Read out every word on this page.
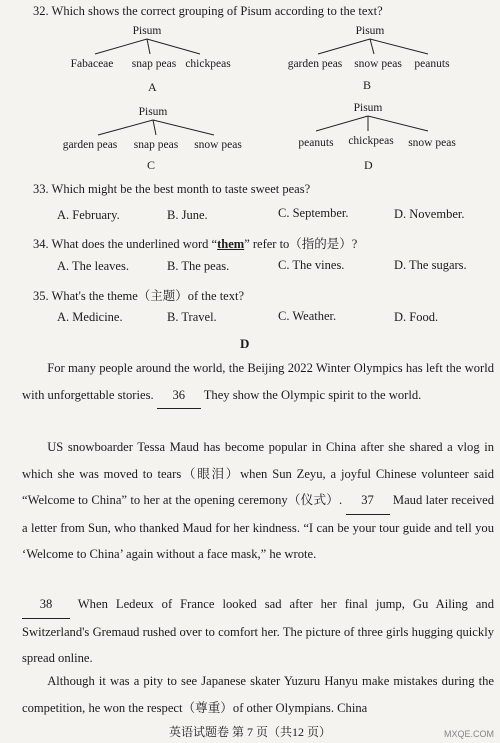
32. Which shows the correct grouping of Pisum according to the text?
Pisum
Fabaceae snap peas chickpeas
A
Pisum
garden peas snow peas peanuts
B
Pisum
garden peas snap peas snow peas
C
Pisum
peanuts chickpeas snow peas
D
33. Which might be the best month to taste sweet peas?
A. February.	B. June.	C. September.	D. November.
34. What does the underlined word “them” refer to（指的是）?
A. The leaves.	B. The peas.	C. The vines.	D. The sugars.
35. What's the theme（主题）of the text?
A. Medicine.	B. Travel.	C. Weather.	D. Food.
D

For many people around the world, the Beijing 2022 Winter Olympics has left the world with unforgettable stories. 36 They show the Olympic spirit to the world.

US snowboarder Tessa Maud has become popular in China after she shared a vlog in which she was moved to tears（眼泪）when Sun Zeyu, a joyful Chinese volunteer said “Welcome to China” to her at the opening ceremony（仪式）. 37 Maud later received a letter from Sun, who thanked Maud for her kindness. “I can be your tour guide and tell you ‘Welcome to China’ again without a face mask,” he wrote.

38 When Ledeux of France looked sad after her final jump, Gu Ailing and Switzerland's Gremaud rushed over to comfort her. The picture of three girls hugging quickly spread online.

Although it was a pity to see Japanese skater Yuzuru Hanyu make mistakes during the competition, he won the respect（尊重）of other Olympians. China

英语试题卷 第 7 页（共12 页）	MXQE.COM
